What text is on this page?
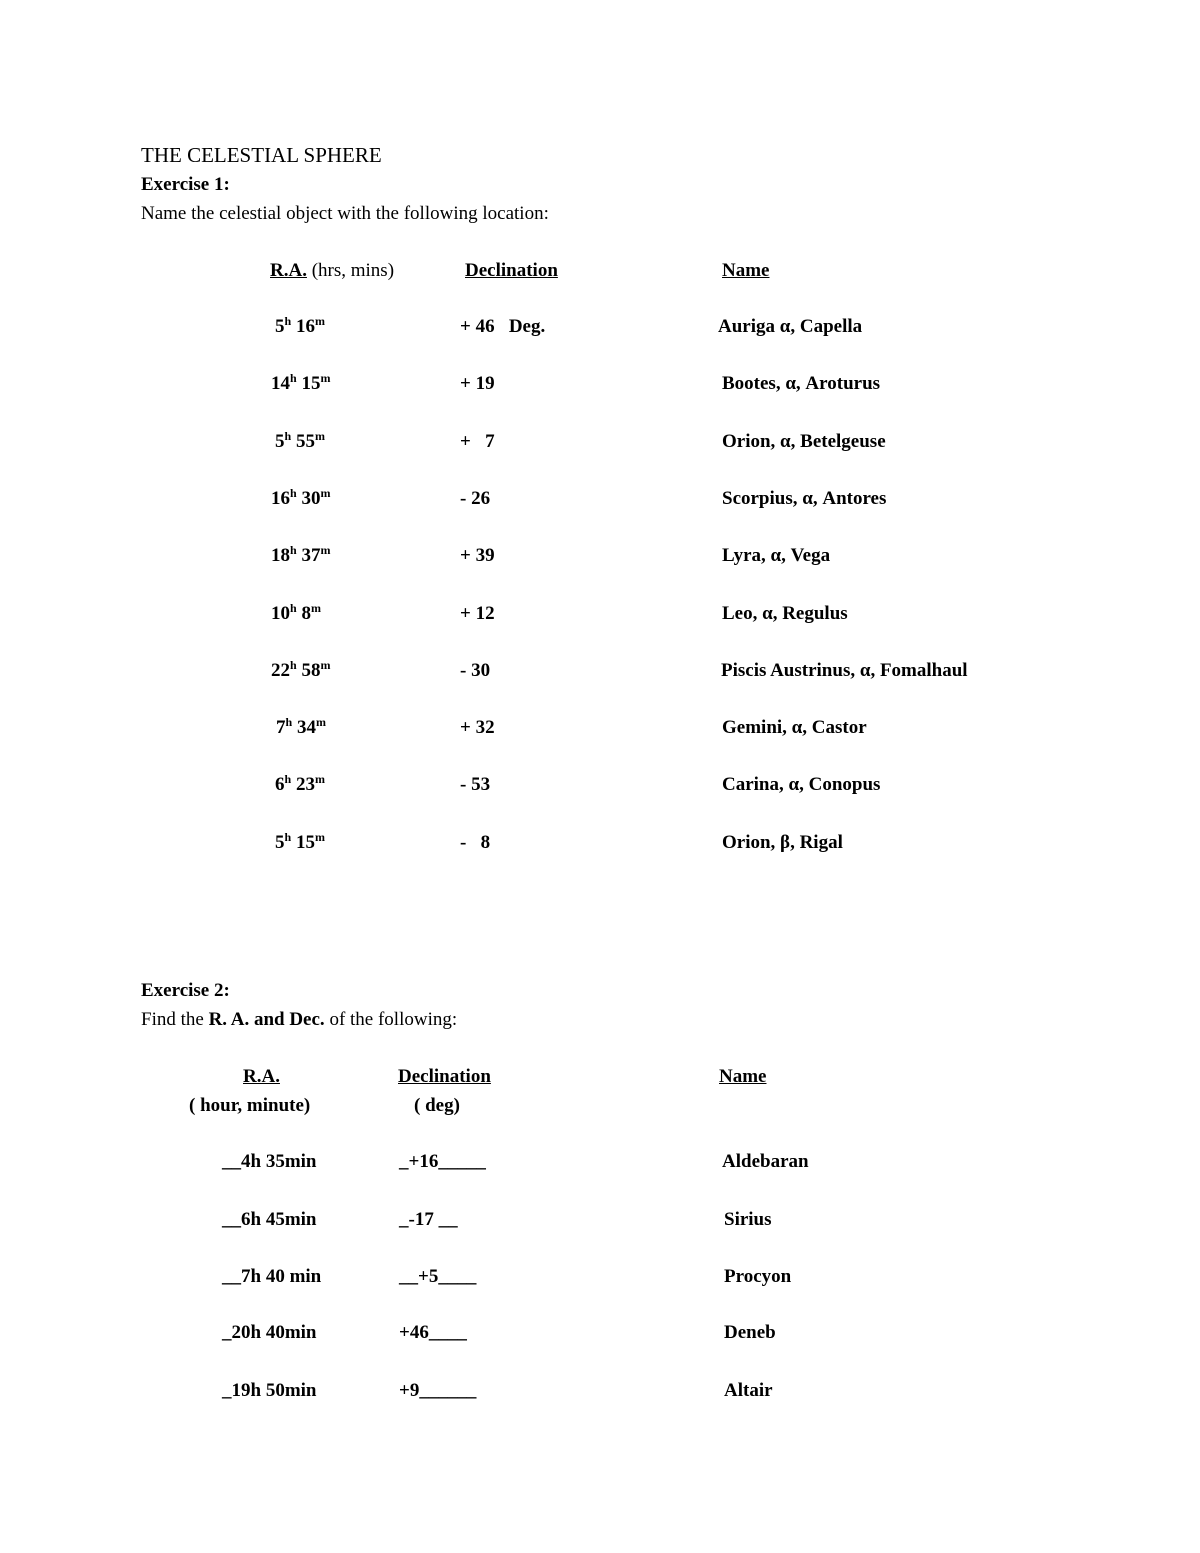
THE CELESTIAL SPHERE
Exercise 1:
Name the celestial object with the following location:
R.A. (hrs, mins)	Declination	Name
5$^h$ $16^m$	+ 46   Deg.	Auriga α, Capella
14$^h$ $15^m$	+ 19	Bootes, α, Aroturus
5$^h$ $55^m$	+   7	Orion, α, Betelgeuse
16$^h$ 30$^m$	- 26	Scorpius, α, Antores
18$^h$ $37^m$	+ 39	Lyra, α, Vega
10$^h$ $8^m$	+ 12	Leo, α, Regulus
22$^h$ 58$^m$	- 30	Piscis Austrinus, α, Fomalhaul
7$^h$ $34^m$	+ 32	Gemini, α, Castor
6$^h$ 23$^m$	- 53	Carina, α, Conopus
5$^h$ 15$^m$	-   8	Orion, β, Rigal
Exercise 2:
Find the R. A. and Dec. of the following:
R.A.
( hour, minute)
Declination
( deg)
Name
__4h 35min	_+16_____	Aldebaran
__6h 45min	_-17 __	Sirius
__7h 40 min	__+5____	Procyon
_20h 40min	+46____	Deneb
_19h 50min	+9______	Altair
